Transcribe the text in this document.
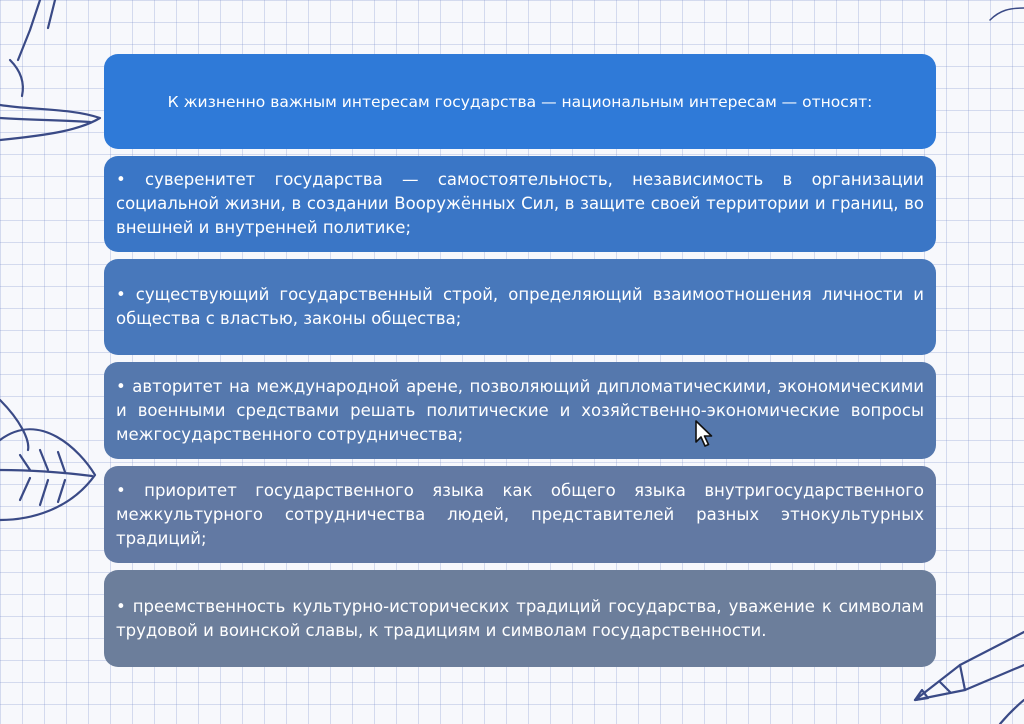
К жизненно важным интересам государства — национальным интересам — относят:
• суверенитет государства — самостоятельность, независимость в организации социальной жизни, в создании Вооружённых Сил, в защите своей территории и границ, во внешней и внутренней политике;
• существующий государственный строй, определяющий взаимоотношения личности и общества с властью, законы общества;
• авторитет на международной арене, позволяющий дипломатическими, экономическими и военными средствами решать политические и хозяйственно-экономические вопросы межгосударственного сотрудничества;
• приоритет государственного языка как общего языка внутригосударственного межкультурного сотрудничества людей, представителей разных этнокультурных традиций;
• преемственность культурно-исторических традиций государства, уважение к символам трудовой и воинской славы, к традициям и символам государственности.
